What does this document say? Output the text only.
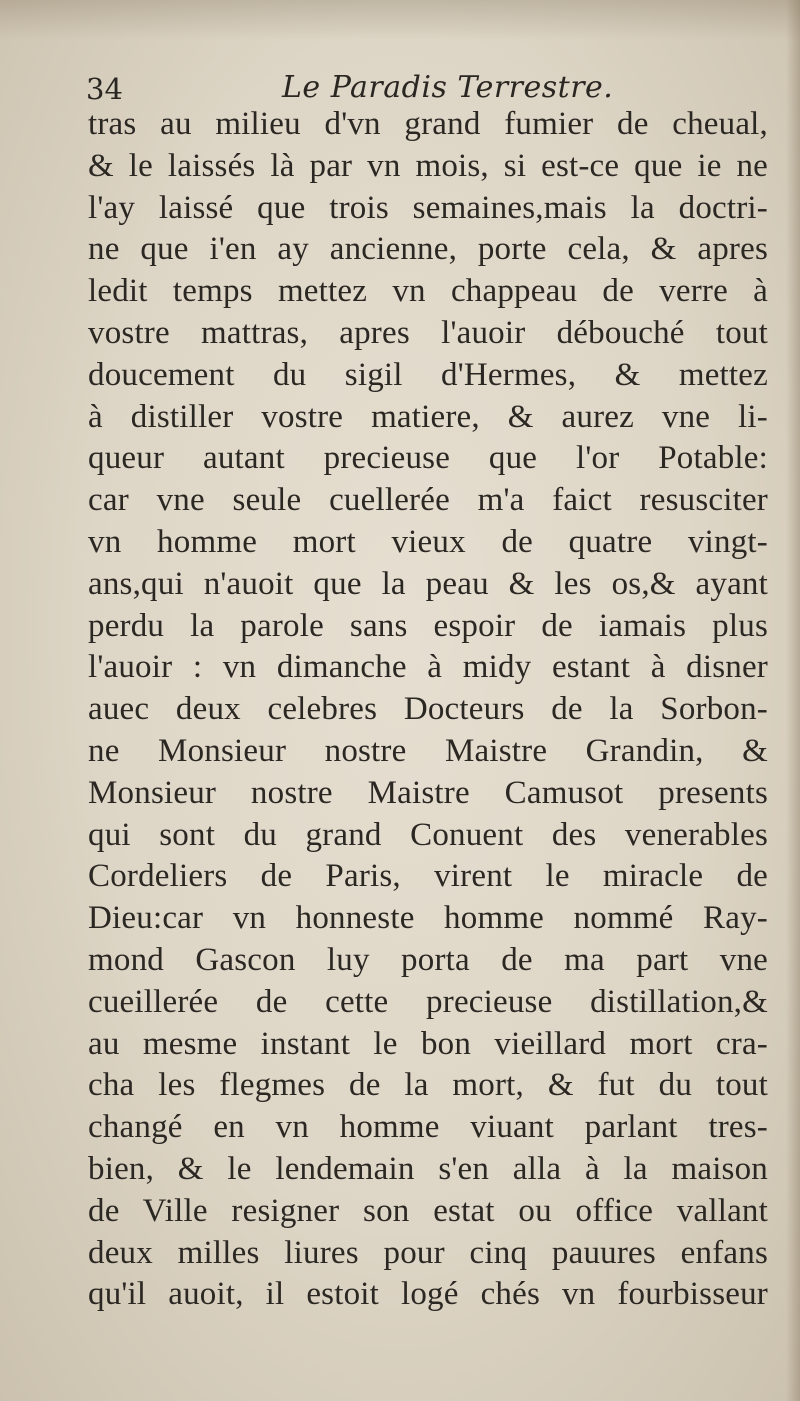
34	Le Paradis Terrestre.
tras au milieu d'vn grand fumier de cheual,
& le laissés là par vn mois, si est-ce que ie ne
l'ay laissé que trois semaines,mais la doctri-
ne que i'en ay ancienne, porte cela, & apres
ledit temps mettez vn chappeau de verre à
vostre mattras, apres l'auoir débouché tout
doucement du sigil d'Hermes, & mettez
à distiller vostre matiere, & aurez vne li-
queur autant precieuse que l'or Potable:
car vne seule cuellerée m'a faict resusciter
vn homme mort vieux de quatre vingt-
ans,qui n'auoit que la peau & les os,& ayant
perdu la parole sans espoir de iamais plus
l'auoir : vn dimanche à midy estant à disner
auec deux celebres Docteurs de la Sorbon-
ne Monsieur nostre Maistre Grandin, &
Monsieur nostre Maistre Camusot presents
qui sont du grand Conuent des venerables
Cordeliers de Paris, virent le miracle de
Dieu:car vn honneste homme nommé Ray-
mond Gascon luy porta de ma part vne
cueillerée de cette precieuse distillation,&
au mesme instant le bon vieillard mort cra-
cha les flegmes de la mort, & fut du tout
changé en vn homme viuant parlant tres-
bien, & le lendemain s'en alla à la maison
de Ville resigner son estat ou office vallant
deux milles liures pour cinq pauures enfans
qu'il auoit, il estoit logé chés vn fourbisseur
